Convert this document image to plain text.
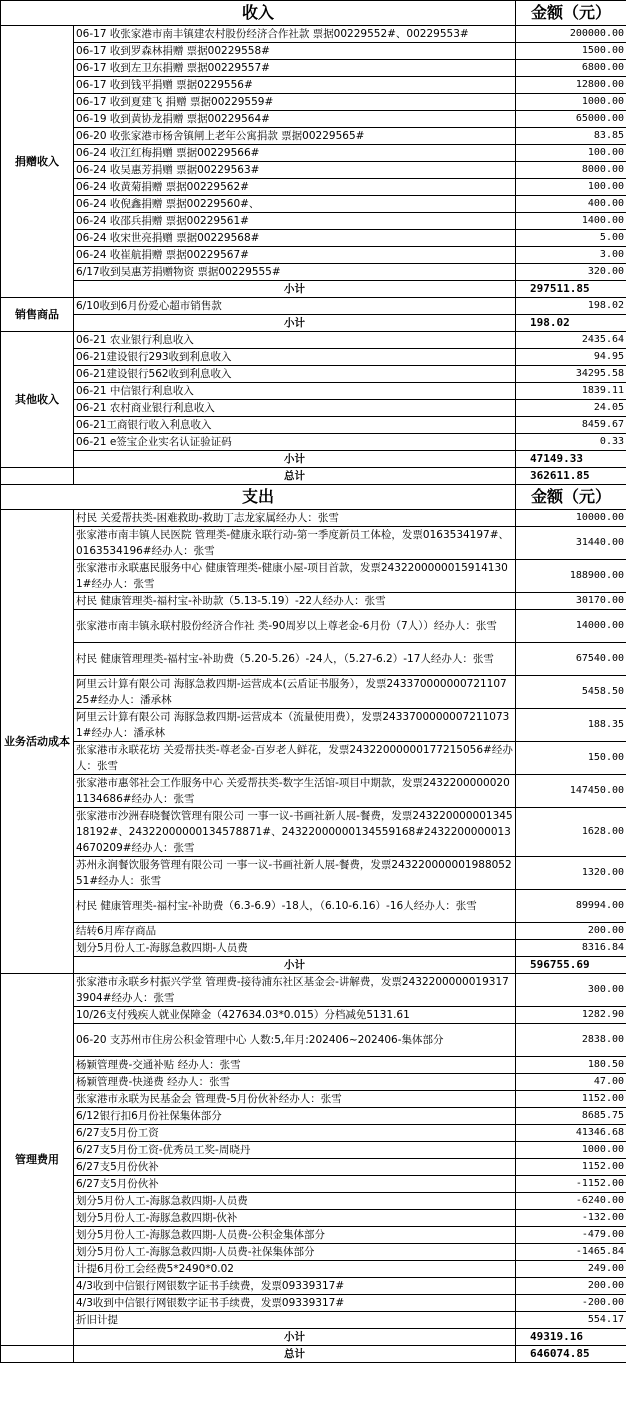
收入		金额（元）
捐赠收入	06-17 收张家港市南丰镇建农村股份经济合作社款 票据00229552#、00229553#	200000.00
	06-17 收到罗森林捐赠 票据00229558#	1500.00
	06-17 收到左卫东捐赠 票据00229557#	6800.00
	06-17 收到钱平捐赠 票据0229556#	12800.00
	06-17 收到夏建飞 捐赠 票据00229559#	1000.00
	06-19 收到黄协龙捐赠 票据00229564#	65000.00
	06-20 收张家港市杨舍镇闸上老年公寓捐款 票据00229565#	83.85
	06-24 收江红梅捐赠 票据00229566#	100.00
	06-24 收吴惠芳捐赠 票据00229563#	8000.00
	06-24 收黄菊捐赠 票据00229562#	100.00
	06-24 收倪鑫捐赠 票据00229560#、	400.00
	06-24 收邵兵捐赠 票据00229561#	1400.00
	06-24 收宋世亮捐赠 票据00229568#	5.00
	06-24 收崔航捐赠 票据00229567#	3.00
	6/17收到吴惠芳捐赠物资 票据00229555#	320.00
	小计	297511.85
销售商品	6/10收到6月份爱心超市销售款	198.02
	小计	198.02
其他收入	06-21 农业银行利息收入	2435.64
	06-21建设银行293收到利息收入	94.95
	06-21建设银行562收到利息收入	34295.58
	06-21 中信银行利息收入	1839.11
	06-21 农村商业银行利息收入	24.05
	06-21工商银行收入利息收入	8459.67
	06-21 e签宝企业实名认证验证码	0.33
	小计	47149.33
	总计	362611.85
支出		金额（元）
业务活动成本	村民 关爱帮扶类-困难救助-救助丁志龙家属经办人：张雪	10000.00
	张家港市南丰镇人民医院 管理类-健康永联行动-第一季度新员工体检，发票0163534197#、0163534196#经办人：张雪	31440.00
	张家港市永联惠民服务中心 健康管理类-健康小屋-项目首款，发票24322000000159141301#经办人：张雪	188900.00
	村民 健康管理类-福村宝-补助款（5.13-5.19）-22人经办人：张雪	30170.00
	张家港市南丰镇永联村股份经济合作社 类-90周岁以上尊老金-6月份（7人））经办人：张雪	14000.00
	村民 健康管理理类-福村宝-补助费（5.20-5.26）-24人，（5.27-6.2）-17人经办人：张雪	67540.00
	阿里云计算有限公司 海豚急救四期-运营成本(云盾证书服务），发票24337000000072110725#经办人：潘承林	5458.50
	阿里云计算有限公司 海豚急救四期-运营成本（流量使用费），发票24337000000072110731#经办人：潘承林	188.35
	张家港市永联花坊 关爱帮扶类-尊老金-百岁老人鲜花，发票24322000000177215056#经办人：张雪	150.00
	张家港市惠邻社会工作服务中心 关爱帮扶类-数字生活馆-项目中期款，发票24322000000201134686#经办人：张雪	147450.00
	张家港市沙洲春晓餐饮管理有限公司 一事一议-书画社新人展-餐费，发票24322000000134518192#、24322000000134578871#、24322000000134559168#24322000000134670209#经办人：张雪	1628.00
	苏州永润餐饮服务管理有限公司 一事一议-书画社新人展-餐费，发票24322000000198805251#经办人：张雪	1320.00
	村民 健康管理类-福村宝-补助费（6.3-6.9）-18人，（6.10-6.16）-16人经办人：张雪	89994.00
	结转6月库存商品	200.00
	划分5月份人工-海豚急救四期-人员费	8316.84
	小计	596755.69
管理费用	张家港市永联乡村振兴学堂 管理费-接待浦东社区基金会-讲解费，发票24322000000193173904#经办人：张雪	300.00
	10/26支付残疾人就业保障金（427634.03*0.015）分档减免5131.61	1282.90
	06-20 支苏州市住房公积金管理中心 人数:5,年月:202406~202406-集体部分	2838.00
	杨颖管理费-交通补贴 经办人：张雪	180.50
	杨颖管理费-快递费 经办人：张雪	47.00
	张家港市永联为民基金会 管理费-5月份伙补经办人：张雪	1152.00
	6/12银行扣6月份社保集体部分	8685.75
	6/27支5月份工资	41346.68
	6/27支5月份工资-优秀员工奖-周晓丹	1000.00
	6/27支5月份伙补	1152.00
	6/27支5月份伙补	-1152.00
	划分5月份人工-海豚急救四期-人员费	-6240.00
	划分5月份人工-海豚急救四期-伙补	-132.00
	划分5月份人工-海豚急救四期-人员费-公积金集体部分	-479.00
	划分5月份人工-海豚急救四期-人员费-社保集体部分	-1465.84
	计提6月份工会经费5*2490*0.02	249.00
	4/3收到中信银行网银数字证书手续费，发票09339317#	200.00
	4/3收到中信银行网银数字证书手续费，发票09339317#	-200.00
	折旧计提	554.17
	小计	49319.16
	总计	646074.85
